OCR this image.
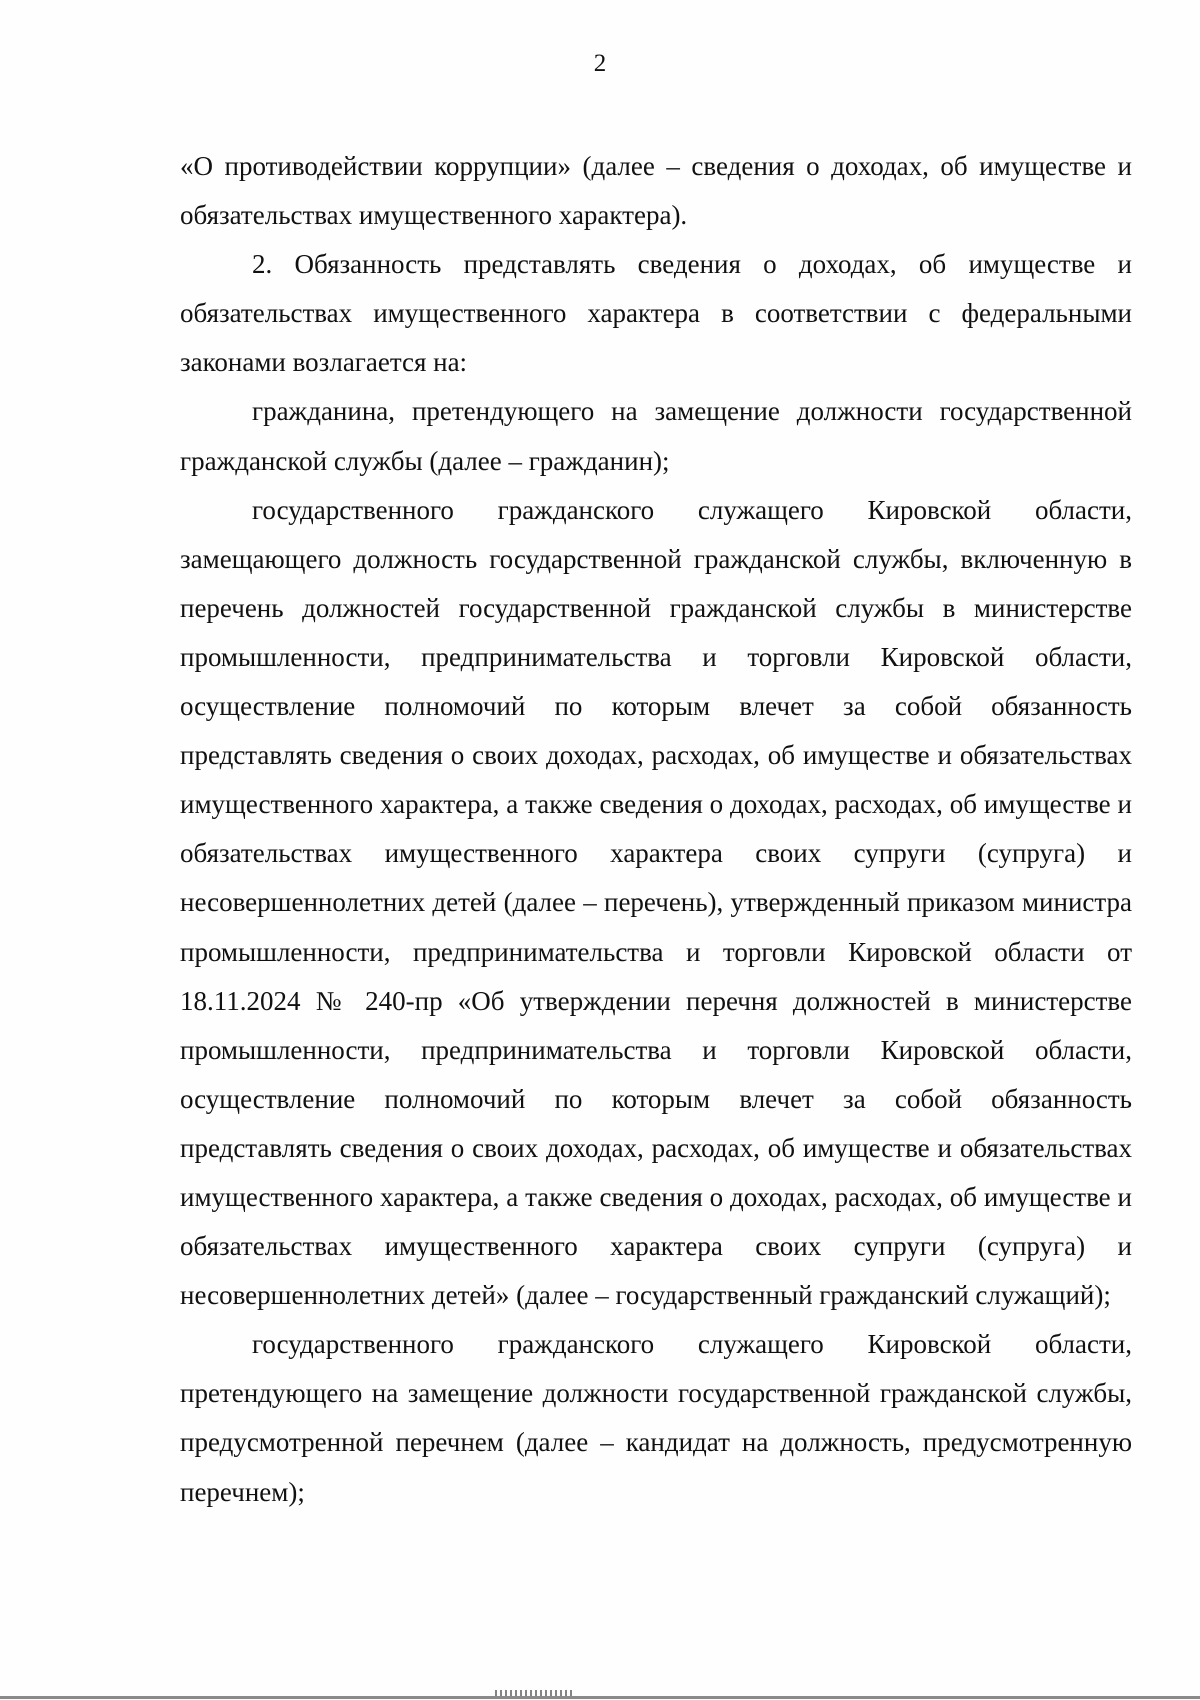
2

«О противодействии коррупции» (далее – сведения о доходах, об имуществе и обязательствах имущественного характера).

2. Обязанность представлять сведения о доходах, об имуществе и обязательствах имущественного характера в соответствии с федеральными законами возлагается на:

гражданина, претендующего на замещение должности государственной гражданской службы (далее – гражданин);

государственного гражданского служащего Кировской области, замещающего должность государственной гражданской службы, включенную в перечень должностей государственной гражданской службы в министерстве промышленности, предпринимательства и торговли Кировской области, осуществление полномочий по которым влечет за собой обязанность представлять сведения о своих доходах, расходах, об имуществе и обязательствах имущественного характера, а также сведения о доходах, расходах, об имуществе и обязательствах имущественного характера своих супруги (супруга) и несовершеннолетних детей (далее – перечень), утвержденный приказом министра промышленности, предпринимательства и торговли Кировской области от 18.11.2024 № 240-пр «Об утверждении перечня должностей в министерстве промышленности, предпринимательства и торговли Кировской области, осуществление полномочий по которым влечет за собой обязанность представлять сведения о своих доходах, расходах, об имуществе и обязательствах имущественного характера, а также сведения о доходах, расходах, об имуществе и обязательствах имущественного характера своих супруги (супруга) и несовершеннолетних детей» (далее – государственный гражданский служащий);

государственного гражданского служащего Кировской области, претендующего на замещение должности государственной гражданской службы, предусмотренной перечнем (далее – кандидат на должность, предусмотренную перечнем);
